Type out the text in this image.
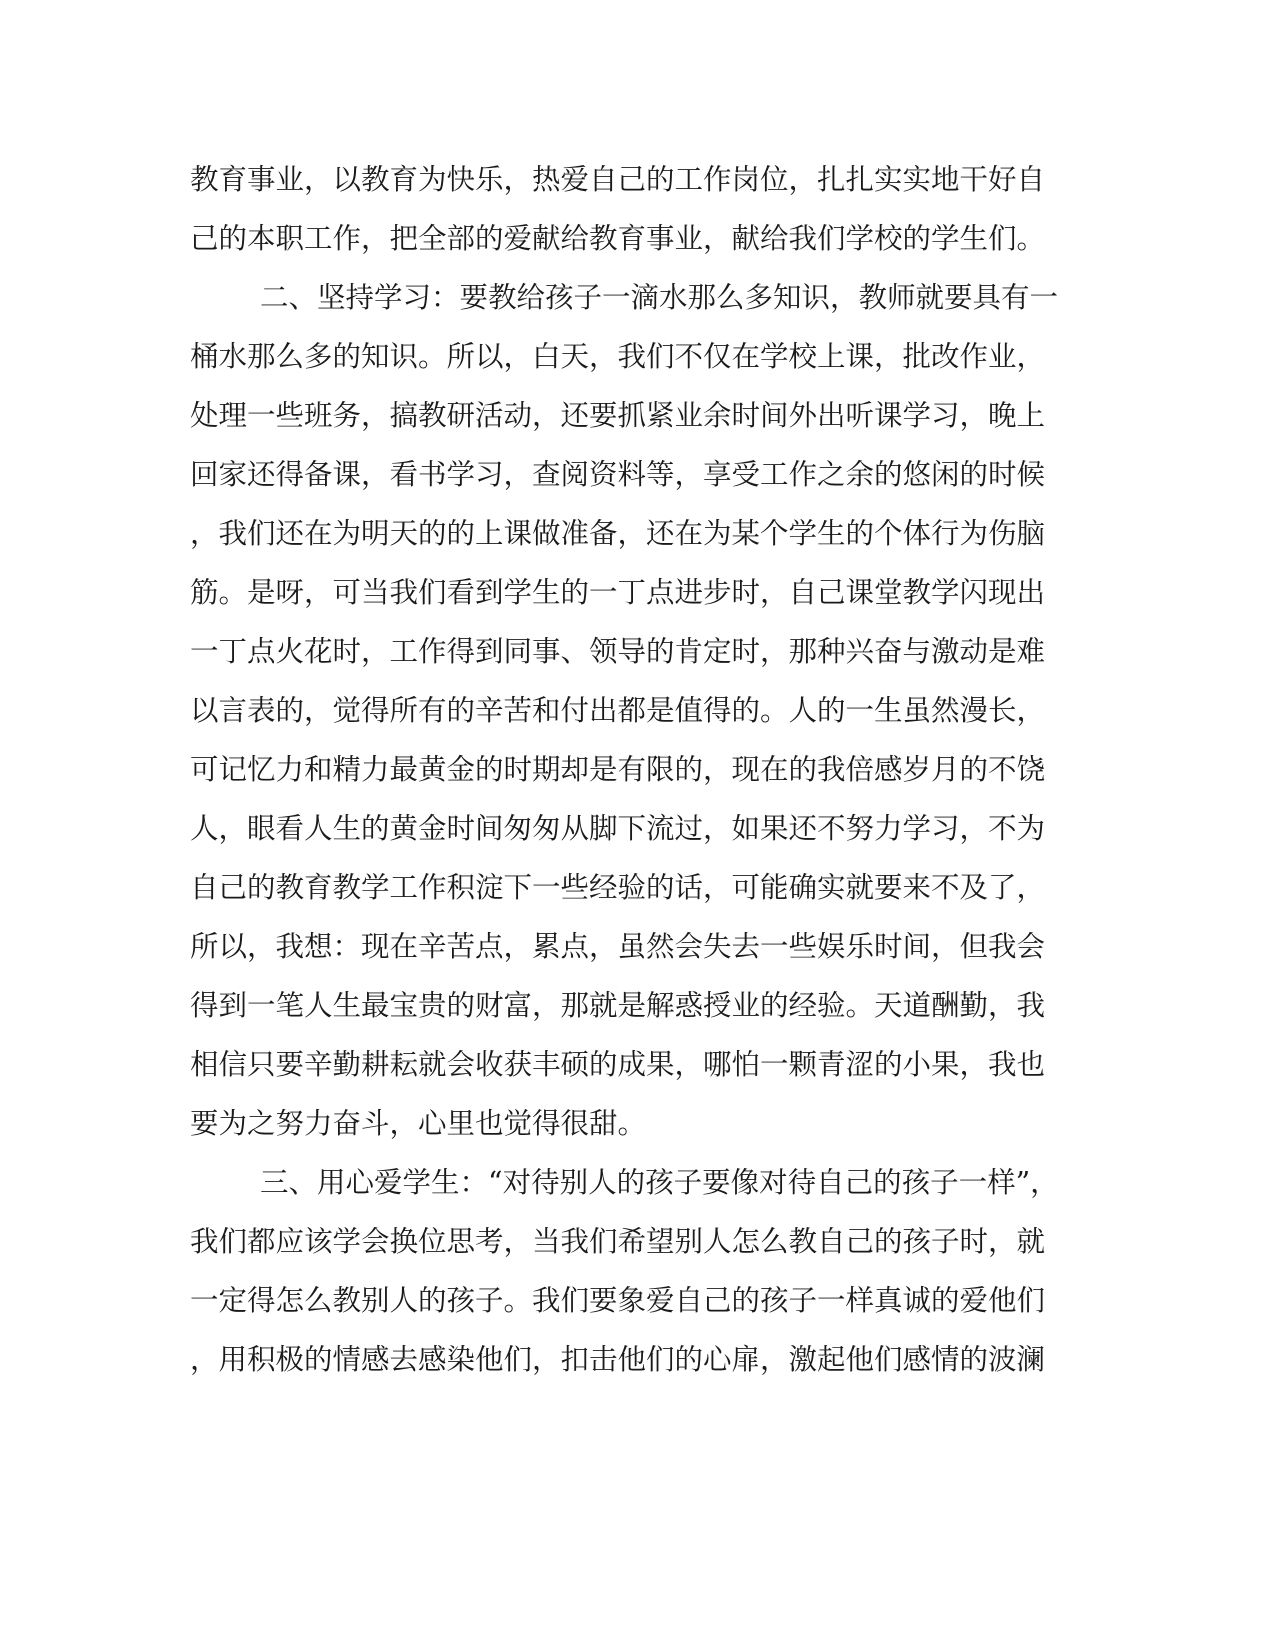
教育事业，以教育为快乐，热爱自己的工作岗位，扎扎实实地干好自
己的本职工作，把全部的爱献给教育事业，献给我们学校的学生们。
二、坚持学习：要教给孩子一滴水那么多知识，教师就要具有一
桶水那么多的知识。所以，白天，我们不仅在学校上课，批改作业，
处理一些班务，搞教研活动，还要抓紧业余时间外出听课学习，晚上
回家还得备课，看书学习，查阅资料等，享受工作之余的悠闲的时候
，我们还在为明天的的上课做准备，还在为某个学生的个体行为伤脑
筋。是呀，可当我们看到学生的一丁点进步时，自己课堂教学闪现出
一丁点火花时，工作得到同事、领导的肯定时，那种兴奋与激动是难
以言表的，觉得所有的辛苦和付出都是值得的。人的一生虽然漫长，
可记忆力和精力最黄金的时期却是有限的，现在的我倍感岁月的不饶
人，眼看人生的黄金时间匆匆从脚下流过，如果还不努力学习，不为
自己的教育教学工作积淀下一些经验的话，可能确实就要来不及了，
所以，我想：现在辛苦点，累点，虽然会失去一些娱乐时间，但我会
得到一笔人生最宝贵的财富，那就是解惑授业的经验。天道酬勤，我
相信只要辛勤耕耘就会收获丰硕的成果，哪怕一颗青涩的小果，我也
要为之努力奋斗，心里也觉得很甜。
三、用心爱学生：“对待别人的孩子要像对待自己的孩子一样”，
我们都应该学会换位思考，当我们希望别人怎么教自己的孩子时，就
一定得怎么教别人的孩子。我们要象爱自己的孩子一样真诚的爱他们
，用积极的情感去感染他们，扣击他们的心扉，激起他们感情的波澜
